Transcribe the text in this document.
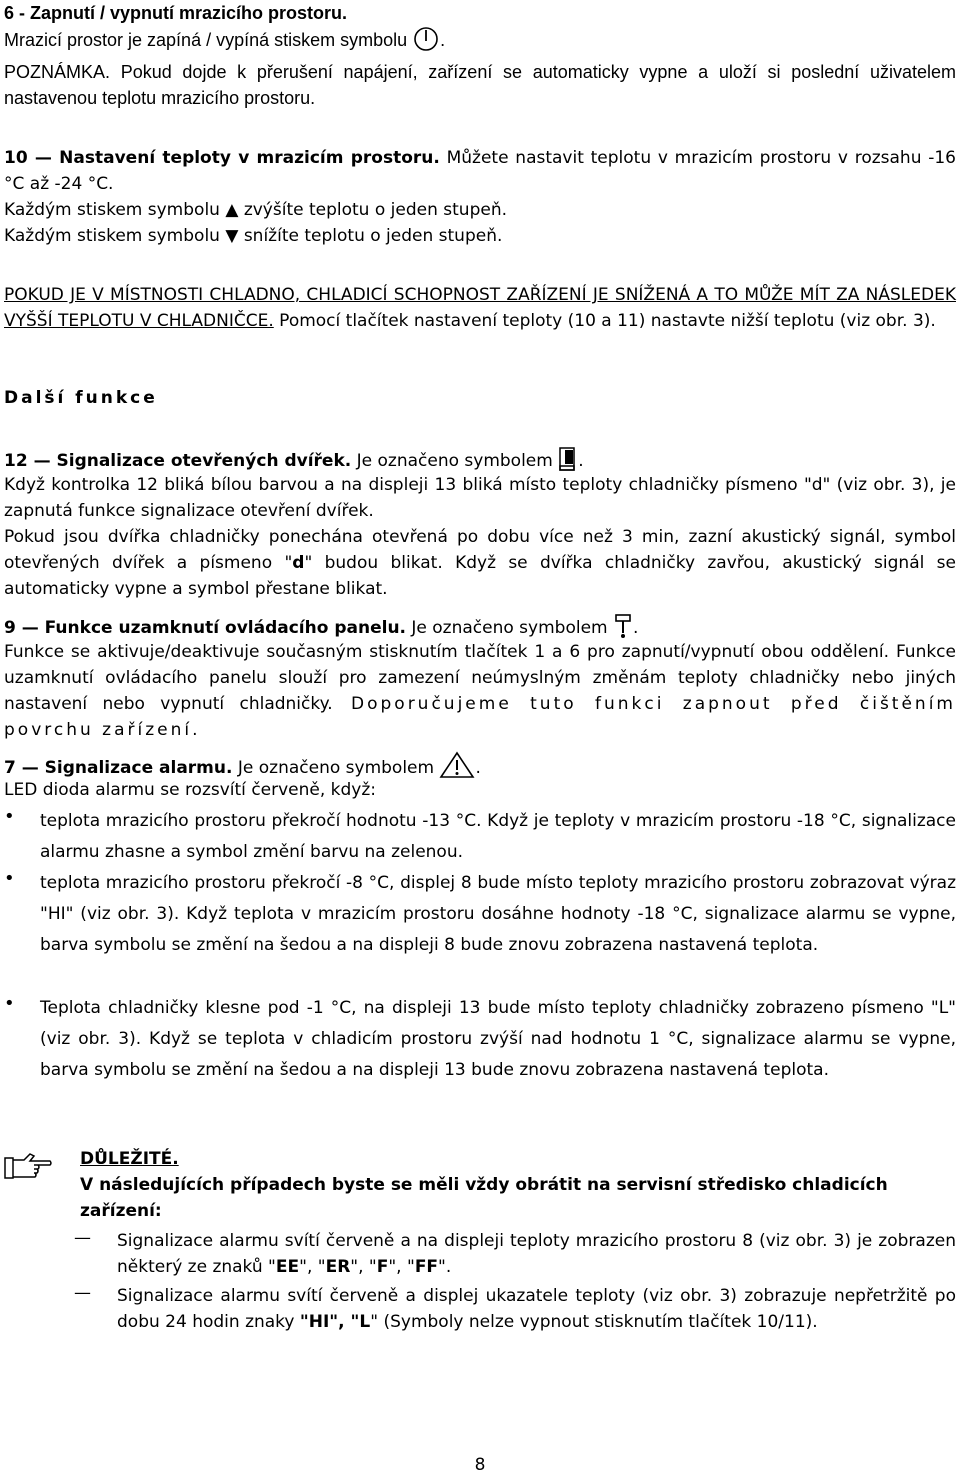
6 - Zapnutí / vypnutí mrazicího prostoru.
Mrazicí prostor je zapíná / vypíná stiskem symbolu .
POZNÁMKA. Pokud dojde k přerušení napájení, zařízení se automaticky vypne a uloží si poslední uživatelem nastavenou teplotu mrazicího prostoru.
10 — Nastavení teploty v mrazicím prostoru. Můžete nastavit teplotu v mrazicím prostoru v rozsahu -16 °C až -24 °C.
Každým stiskem symbolu ▲ zvýšíte teplotu o jeden stupeň.
Každým stiskem symbolu ▼ snížíte teplotu o jeden stupeň.
POKUD JE V MÍSTNOSTI CHLADNO, CHLADICÍ SCHOPNOST ZAŘÍZENÍ JE SNÍŽENÁ A TO MŮŽE MÍT ZA NÁSLEDEK VYŠŠÍ TEPLOTU V CHLADNIČCE. Pomocí tlačítek nastavení teploty (10 a 11) nastavte nižší teplotu (viz obr. 3).
Další funkce
12 — Signalizace otevřených dvířek. Je označeno symbolem .
Když kontrolka 12 bliká bílou barvou a na displeji 13 bliká místo teploty chladničky písmeno "d" (viz obr. 3), je zapnutá funkce signalizace otevření dvířek.
Pokud jsou dvířka chladničky ponechána otevřená po dobu více než 3 min, zazní akustický signál, symbol otevřených dvířek a písmeno "d" budou blikat. Když se dvířka chladničky zavřou, akustický signál se automaticky vypne a symbol přestane blikat.
9 — Funkce uzamknutí ovládacího panelu. Je označeno symbolem .
Funkce se aktivuje/deaktivuje současným stisknutím tlačítek 1 a 6 pro zapnutí/vypnutí obou oddělení. Funkce uzamknutí ovládacího panelu slouží pro zamezení neúmyslným změnám teploty chladničky nebo jiných nastavení nebo vypnutí chladničky. Doporučujeme tuto funkci zapnout před čištěním povrchu zařízení.
7 — Signalizace alarmu. Je označeno symbolem .
LED dioda alarmu se rozsvítí červeně, když:
• teplota mrazicího prostoru překročí hodnotu -13 °C. Když je teploty v mrazicím prostoru -18 °C, signalizace alarmu zhasne a symbol změní barvu na zelenou.
• teplota mrazicího prostoru překročí -8 °C, displej 8 bude místo teploty mrazicího prostoru zobrazovat výraz "HI" (viz obr. 3). Když teplota v mrazicím prostoru dosáhne hodnoty -18 °C, signalizace alarmu se vypne, barva symbolu se změní na šedou a na displeji 8 bude znovu zobrazena nastavená teplota.
• Teplota chladničky klesne pod -1 °C, na displeji 13 bude místo teploty chladničky zobrazeno písmeno "L" (viz obr. 3). Když se teplota v chladicím prostoru zvýší nad hodnotu 1 °C, signalizace alarmu se vypne, barva symbolu se změní na šedou a na displeji 13 bude znovu zobrazena nastavená teplota.
DŮLEŽITÉ.
V následujících případech byste se měli vždy obrátit na servisní středisko chladicích zařízení:
— Signalizace alarmu svítí červeně a na displeji teploty mrazicího prostoru 8 (viz obr. 3) je zobrazen některý ze znaků "EE", "ER", "F", "FF".
— Signalizace alarmu svítí červeně a displej ukazatele teploty (viz obr. 3) zobrazuje nepřetržitě po dobu 24 hodin znaky "HI", "L" (Symboly nelze vypnout stisknutím tlačítek 10/11).
8
